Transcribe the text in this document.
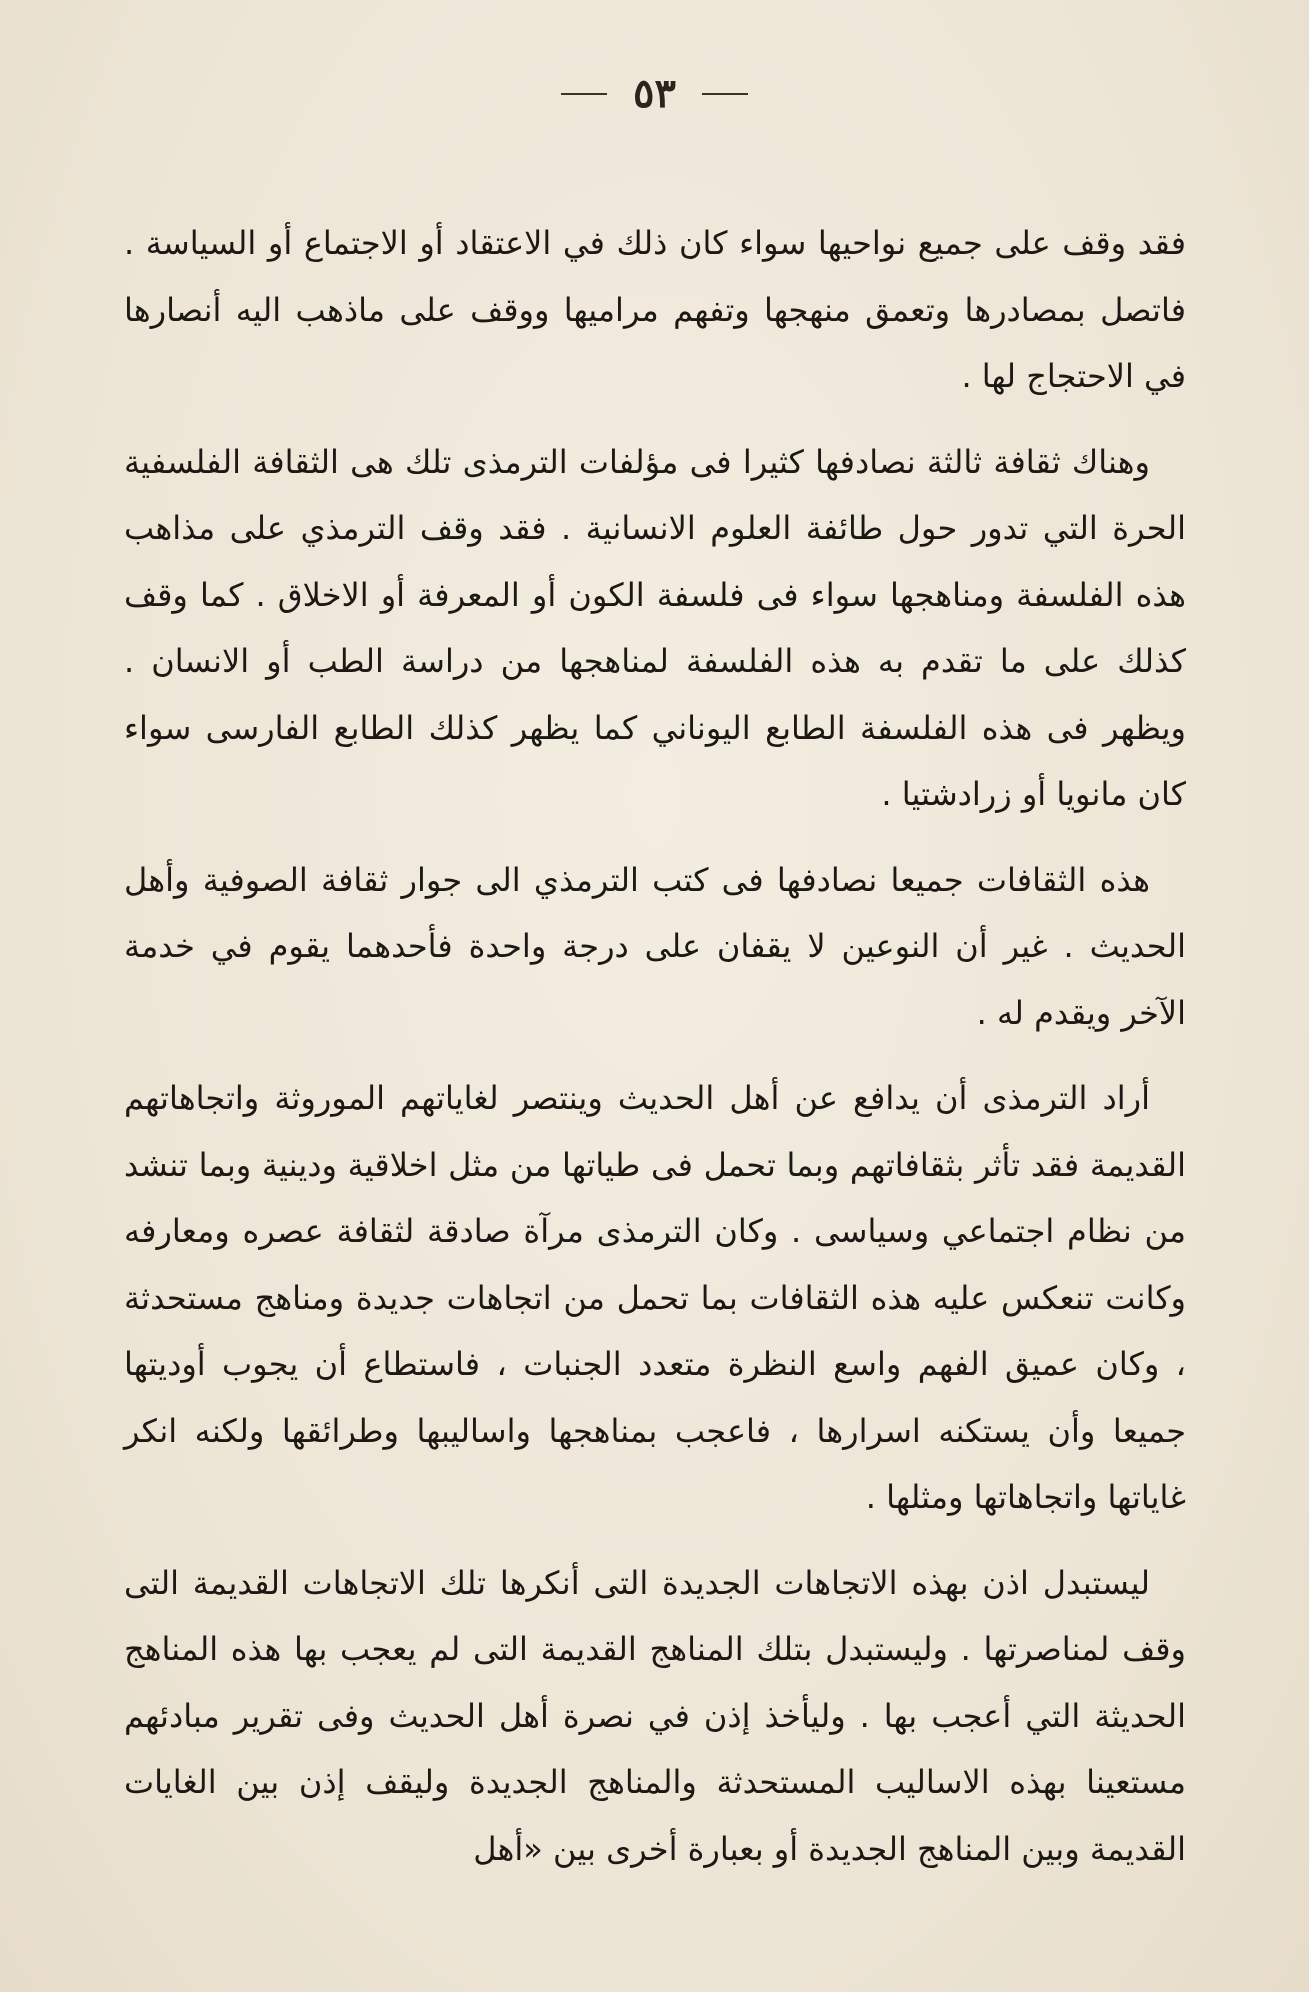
٥٣

فقد وقف على جميع نواحيها سواء كان ذلك في الاعتقاد أو الاجتماع أو السياسة . فاتصل بمصادرها وتعمق منهجها وتفهم مراميها ووقف على ماذهب اليه أنصارها في الاحتجاج لها .

وهناك ثقافة ثالثة نصادفها كثيرا فى مؤلفات الترمذى تلك هى الثقافة الفلسفية الحرة التي تدور حول طائفة العلوم الانسانية . فقد وقف الترمذي على مذاهب هذه الفلسفة ومناهجها سواء فى فلسفة الكون أو المعرفة أو الاخلاق . كما وقف كذلك على ما تقدم به هذه الفلسفة لمناهجها من دراسة الطب أو الانسان . ويظهر فى هذه الفلسفة الطابع اليوناني كما يظهر كذلك الطابع الفارسى سواء كان مانويا أو زرادشتيا .

هذه الثقافات جميعا نصادفها فى كتب الترمذي الى جوار ثقافة الصوفية وأهل الحديث . غير أن النوعين لا يقفان على درجة واحدة فأحدهما يقوم في خدمة الآخر ويقدم له .

أراد الترمذى أن يدافع عن أهل الحديث وينتصر لغاياتهم الموروثة واتجاهاتهم القديمة فقد تأثر بثقافاتهم وبما تحمل فى طياتها من مثل اخلاقية ودينية وبما تنشد من نظام اجتماعي وسياسى . وكان الترمذى مرآة صادقة لثقافة عصره ومعارفه وكانت تنعكس عليه هذه الثقافات بما تحمل من اتجاهات جديدة ومناهج مستحدثة ، وكان عميق الفهم واسع النظرة متعدد الجنبات ، فاستطاع أن يجوب أوديتها جميعا وأن يستكنه اسرارها ، فاعجب بمناهجها واساليبها وطرائقها ولكنه انكر غاياتها واتجاهاتها ومثلها .

ليستبدل اذن بهذه الاتجاهات الجديدة التى أنكرها تلك الاتجاهات القديمة التى وقف لمناصرتها . وليستبدل بتلك المناهج القديمة التى لم يعجب بها هذه المناهج الحديثة التي أعجب بها . وليأخذ إذن في نصرة أهل الحديث وفى تقرير مبادئهم مستعينا بهذه الاساليب المستحدثة والمناهج الجديدة وليقف إذن بين الغايات القديمة وبين المناهج الجديدة أو بعبارة أخرى بين «أهل
